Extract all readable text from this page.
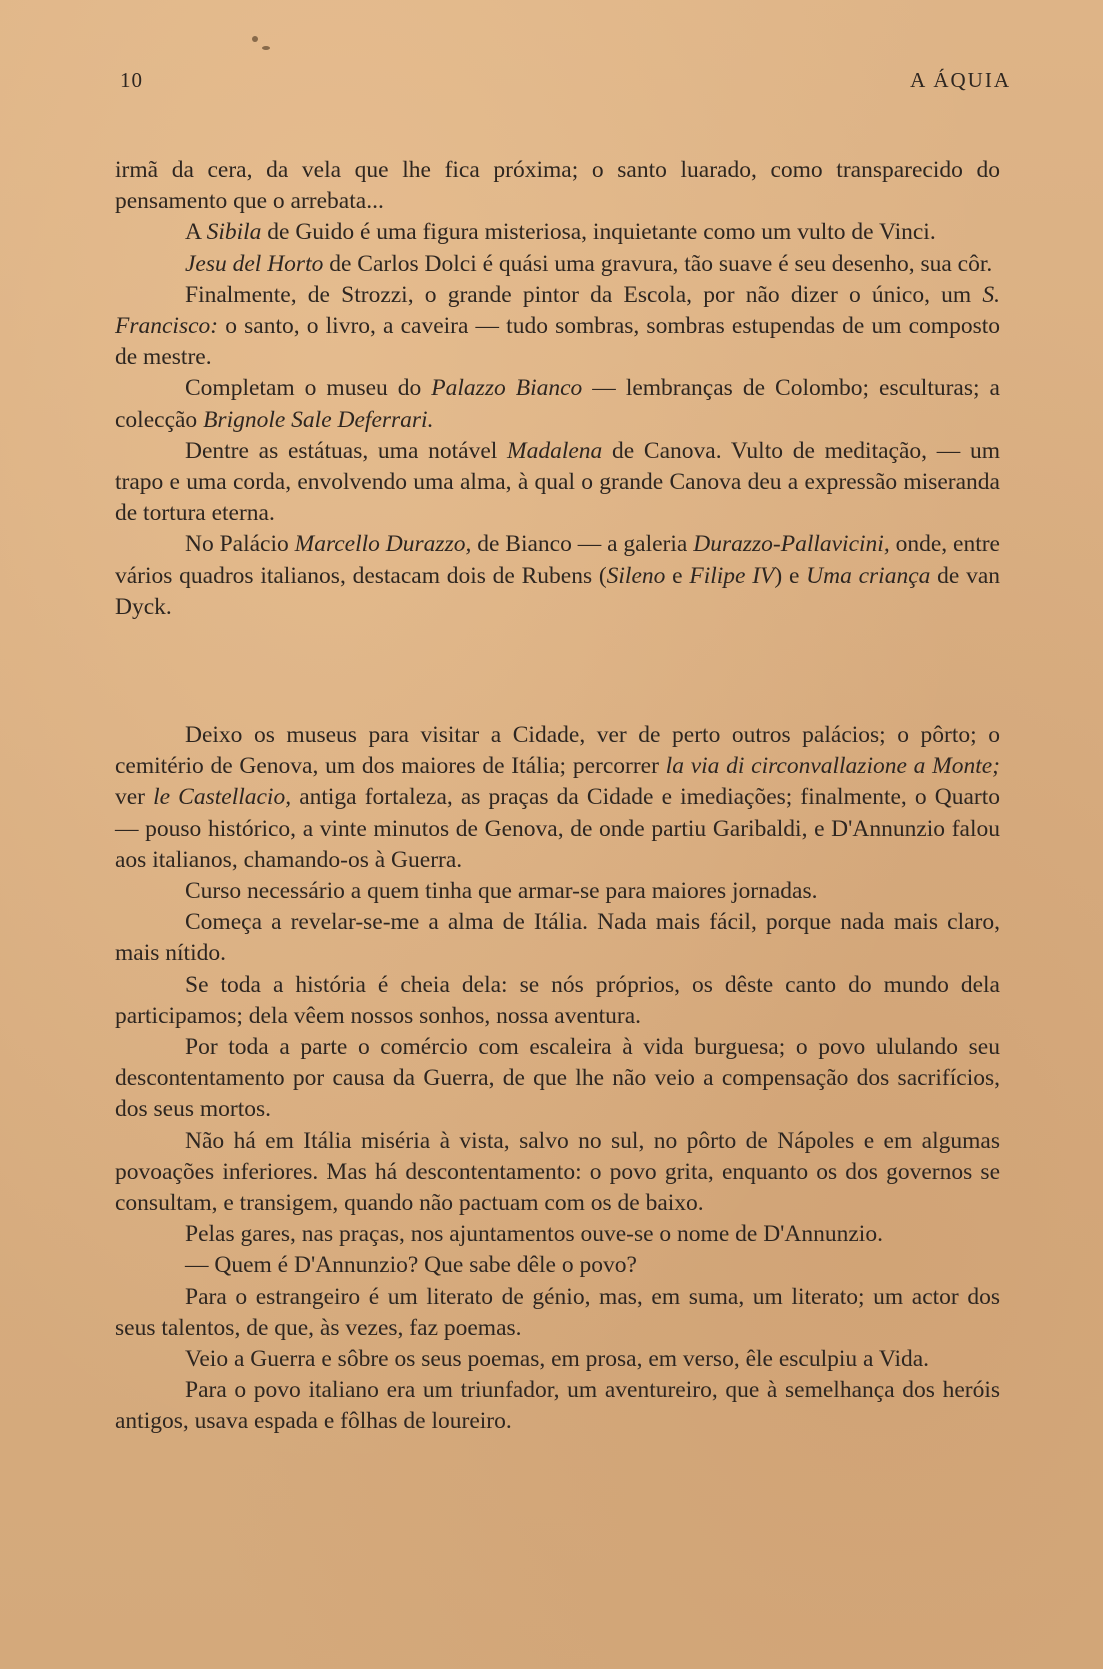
10	A ÁQUIA

irmã da cera, da vela que lhe fica próxima; o santo luarado, como transparecido do pensamento que o arrebata...

A Sibila de Guido é uma figura misteriosa, inquietante como um vulto de Vinci.

Jesu del Horto de Carlos Dolci é quási uma gravura, tão suave é seu desenho, sua côr.

Finalmente, de Strozzi, o grande pintor da Escola, por não dizer o único, um S. Francisco: o santo, o livro, a caveira — tudo sombras, sombras estupendas de um composto de mestre.

Completam o museu do Palazzo Bianco — lembranças de Colombo; esculturas; a colecção Brignole Sale Deferrari.

Dentre as estátuas, uma notável Madalena de Canova. Vulto de meditação, — um trapo e uma corda, envolvendo uma alma, à qual o grande Canova deu a expressão miseranda de tortura eterna.

No Palácio Marcello Durazzo, de Bianco — a galeria Durazzo-Pallavicini, onde, entre vários quadros italianos, destacam dois de Rubens (Sileno e Filipe IV) e Uma criança de van Dyck.

Deixo os museus para visitar a Cidade, ver de perto outros palácios; o pôrto; o cemitério de Genova, um dos maiores de Itália; percorrer la via di circonvallazione a Monte; ver le Castellacio, antiga fortaleza, as praças da Cidade e imediações; finalmente, o Quarto — pouso histórico, a vinte minutos de Genova, de onde partiu Garibaldi, e D'Annunzio falou aos italianos, chamando-os à Guerra.

Curso necessário a quem tinha que armar-se para maiores jornadas.

Começa a revelar-se-me a alma de Itália. Nada mais fácil, porque nada mais claro, mais nítido.

Se toda a história é cheia dela: se nós próprios, os dêste canto do mundo dela participamos; dela vêem nossos sonhos, nossa aventura.

Por toda a parte o comércio com escaleira à vida burguesa; o povo ululando seu descontentamento por causa da Guerra, de que lhe não veio a compensação dos sacrifícios, dos seus mortos.

Não há em Itália miséria à vista, salvo no sul, no pôrto de Nápoles e em algumas povoações inferiores. Mas há descontentamento: o povo grita, enquanto os dos governos se consultam, e transigem, quando não pactuam com os de baixo.

Pelas gares, nas praças, nos ajuntamentos ouve-se o nome de D'Annunzio.

— Quem é D'Annunzio? Que sabe dêle o povo?

Para o estrangeiro é um literato de génio, mas, em suma, um literato; um actor dos seus talentos, de que, às vezes, faz poemas.

Veio a Guerra e sôbre os seus poemas, em prosa, em verso, êle esculpiu a Vida.

Para o povo italiano era um triunfador, um aventureiro, que à semelhança dos heróis antigos, usava espada e fôlhas de loureiro.
